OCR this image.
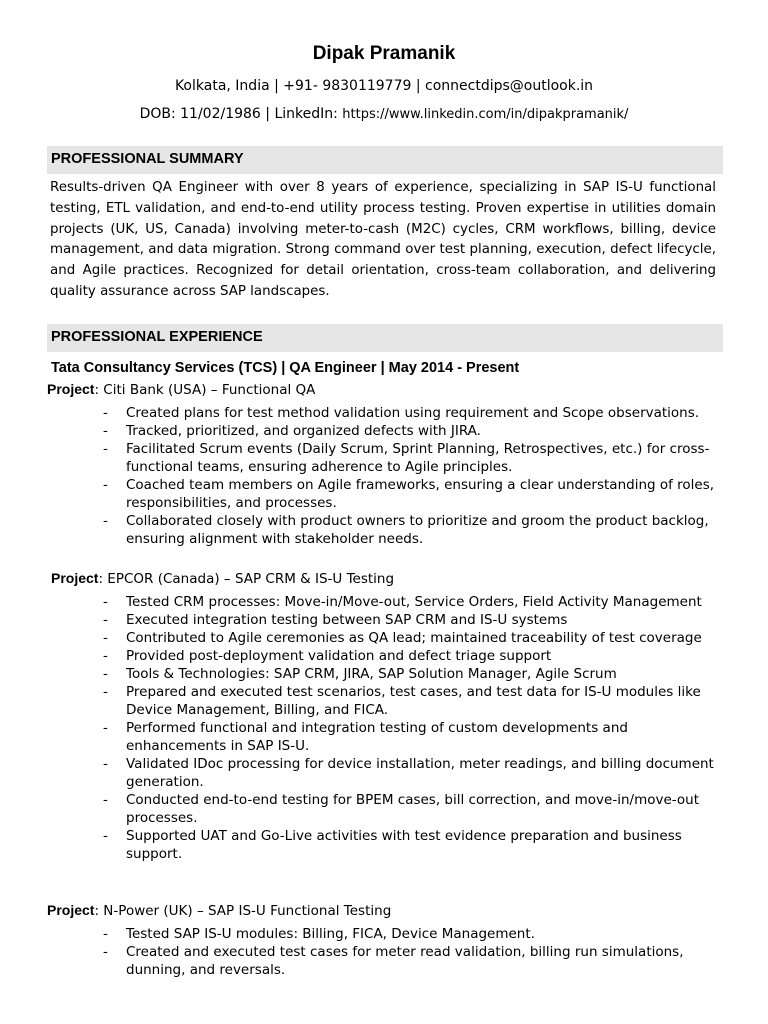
Dipak Pramanik
Kolkata, India | +91- 9830119779 | connectdips@outlook.in
DOB: 11/02/1986 | LinkedIn: https://www.linkedin.com/in/dipakpramanik/
PROFESSIONAL SUMMARY
Results-driven QA Engineer with over 8 years of experience, specializing in SAP IS-U functional testing, ETL validation, and end-to-end utility process testing. Proven expertise in utilities domain projects (UK, US, Canada) involving meter-to-cash (M2C) cycles, CRM workflows, billing, device management, and data migration. Strong command over test planning, execution, defect lifecycle, and Agile practices. Recognized for detail orientation, cross-team collaboration, and delivering quality assurance across SAP landscapes.
PROFESSIONAL EXPERIENCE
Tata Consultancy Services (TCS) | QA Engineer | May 2014 - Present
Project: Citi Bank (USA) – Functional QA
- Created plans for test method validation using requirement and Scope observations.
- Tracked, prioritized, and organized defects with JIRA.
- Facilitated Scrum events (Daily Scrum, Sprint Planning, Retrospectives, etc.) for cross-functional teams, ensuring adherence to Agile principles.
- Coached team members on Agile frameworks, ensuring a clear understanding of roles, responsibilities, and processes.
- Collaborated closely with product owners to prioritize and groom the product backlog, ensuring alignment with stakeholder needs.
Project: EPCOR (Canada) – SAP CRM & IS-U Testing
- Tested CRM processes: Move-in/Move-out, Service Orders, Field Activity Management
- Executed integration testing between SAP CRM and IS-U systems
- Contributed to Agile ceremonies as QA lead; maintained traceability of test coverage
- Provided post-deployment validation and defect triage support
- Tools & Technologies: SAP CRM, JIRA, SAP Solution Manager, Agile Scrum
- Prepared and executed test scenarios, test cases, and test data for IS-U modules like Device Management, Billing, and FICA.
- Performed functional and integration testing of custom developments and enhancements in SAP IS-U.
- Validated IDoc processing for device installation, meter readings, and billing document generation.
- Conducted end-to-end testing for BPEM cases, bill correction, and move-in/move-out processes.
- Supported UAT and Go-Live activities with test evidence preparation and business support.
Project: N-Power (UK) – SAP IS-U Functional Testing
- Tested SAP IS-U modules: Billing, FICA, Device Management.
- Created and executed test cases for meter read validation, billing run simulations, dunning, and reversals.
